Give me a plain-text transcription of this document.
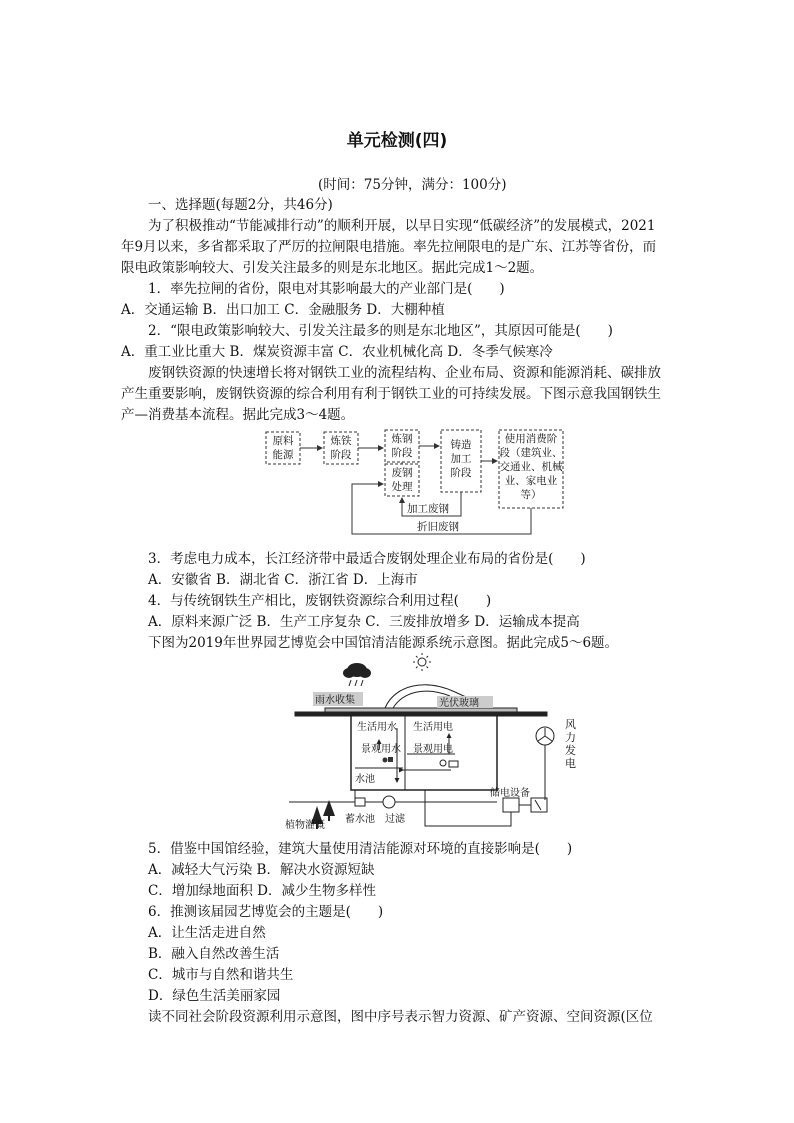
单元检测(四)
(时间：75分钟，满分：100分)
一、选择题(每题2分，共46分)
为了积极推动“节能减排行动”的顺利开展，以早日实现“低碳经济”的发展模式，2021
年9月以来，多省都采取了严厉的拉闸限电措施。率先拉闸限电的是广东、江苏等省份，而
限电政策影响较大、引发关注最多的则是东北地区。据此完成1～2题。
1．率先拉闸的省份，限电对其影响最大的产业部门是(　　)
A．交通运输 B．出口加工 C．金融服务 D．大棚种植
2．“限电政策影响较大、引发关注最多的则是东北地区”，其原因可能是(　　)
A．重工业比重大 B．煤炭资源丰富 C．农业机械化高 D．冬季气候寒冷
废钢铁资源的快速增长将对钢铁工业的流程结构、企业布局、资源和能源消耗、碳排放
产生重要影响，废钢铁资源的综合利用有利于钢铁工业的可持续发展。下图示意我国钢铁生
产—消费基本流程。据此完成3～4题。
原料
能源
炼铁
阶段
炼钢
阶段
废钢
处理
铸造
加工
阶段
使用消费阶
段（建筑业、
交通业、机械
业、家电业
等）
加工废钢
折旧废钢
3．考虑电力成本，长江经济带中最适合废钢处理企业布局的省份是(　　)
A．安徽省 B．湖北省 C．浙江省 D．上海市
4．与传统钢铁生产相比，废钢铁资源综合利用过程(　　)
A．原料来源广泛 B．生产工序复杂 C．三废排放增多 D．运输成本提高
下图为2019年世界园艺博览会中国馆清洁能源系统示意图。据此完成5～6题。
雨水收集	光伏玻璃
生活用水 生活用电
景观用水 景观用电
水池
风
力
发
电
储电设备
植物灌溉
蓄水池 过滤
5．借鉴中国馆经验，建筑大量使用清洁能源对环境的直接影响是(　　)
A．减轻大气污染 B．解决水资源短缺
C．增加绿地面积 D．减少生物多样性
6．推测该届园艺博览会的主题是(　　)
A．让生活走进自然
B．融入自然改善生活
C．城市与自然和谐共生
D．绿色生活美丽家园
读不同社会阶段资源利用示意图，图中序号表示智力资源、矿产资源、空间资源(区位
